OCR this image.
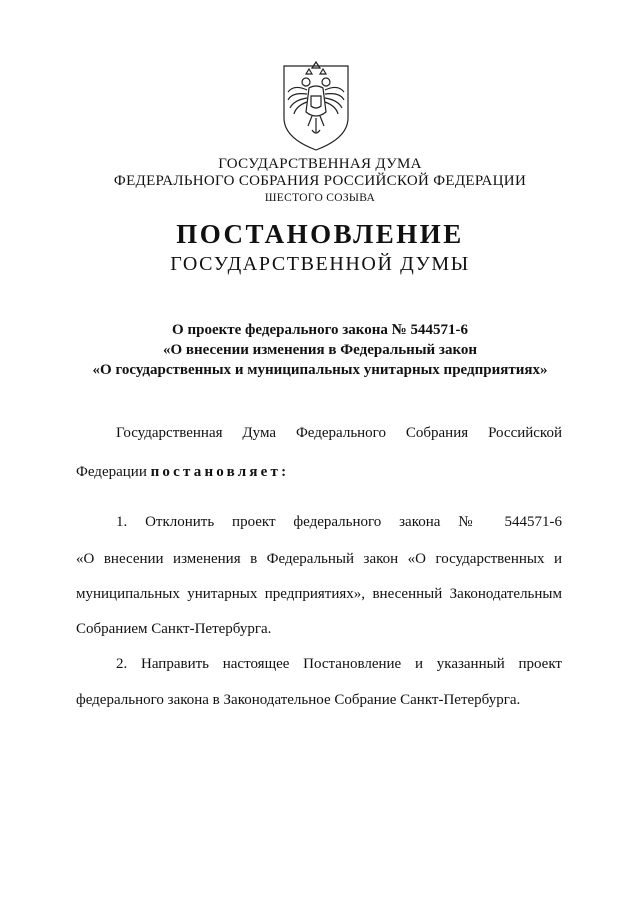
ГОСУДАРСТВЕННАЯ ДУМА
ФЕДЕРАЛЬНОГО СОБРАНИЯ РОССИЙСКОЙ ФЕДЕРАЦИИ
ШЕСТОГО СОЗЫВА
ПОСТАНОВЛЕНИЕ
ГОСУДАРСТВЕННОЙ ДУМЫ
О проекте федерального закона № 544571-6
«О внесении изменения в Федеральный закон
«О государственных и муниципальных унитарных предприятиях»
Государственная Дума Федерального Собрания Российской
Федерации постановляет:
1. Отклонить проект федерального закона № 544571-6
«О внесении изменения в Федеральный закон «О государственных и
муниципальных унитарных предприятиях», внесенный Законодательным
Собранием Санкт-Петербурга.
2. Направить настоящее Постановление и указанный проект
федерального закона в Законодательное Собрание Санкт-Петербурга.
